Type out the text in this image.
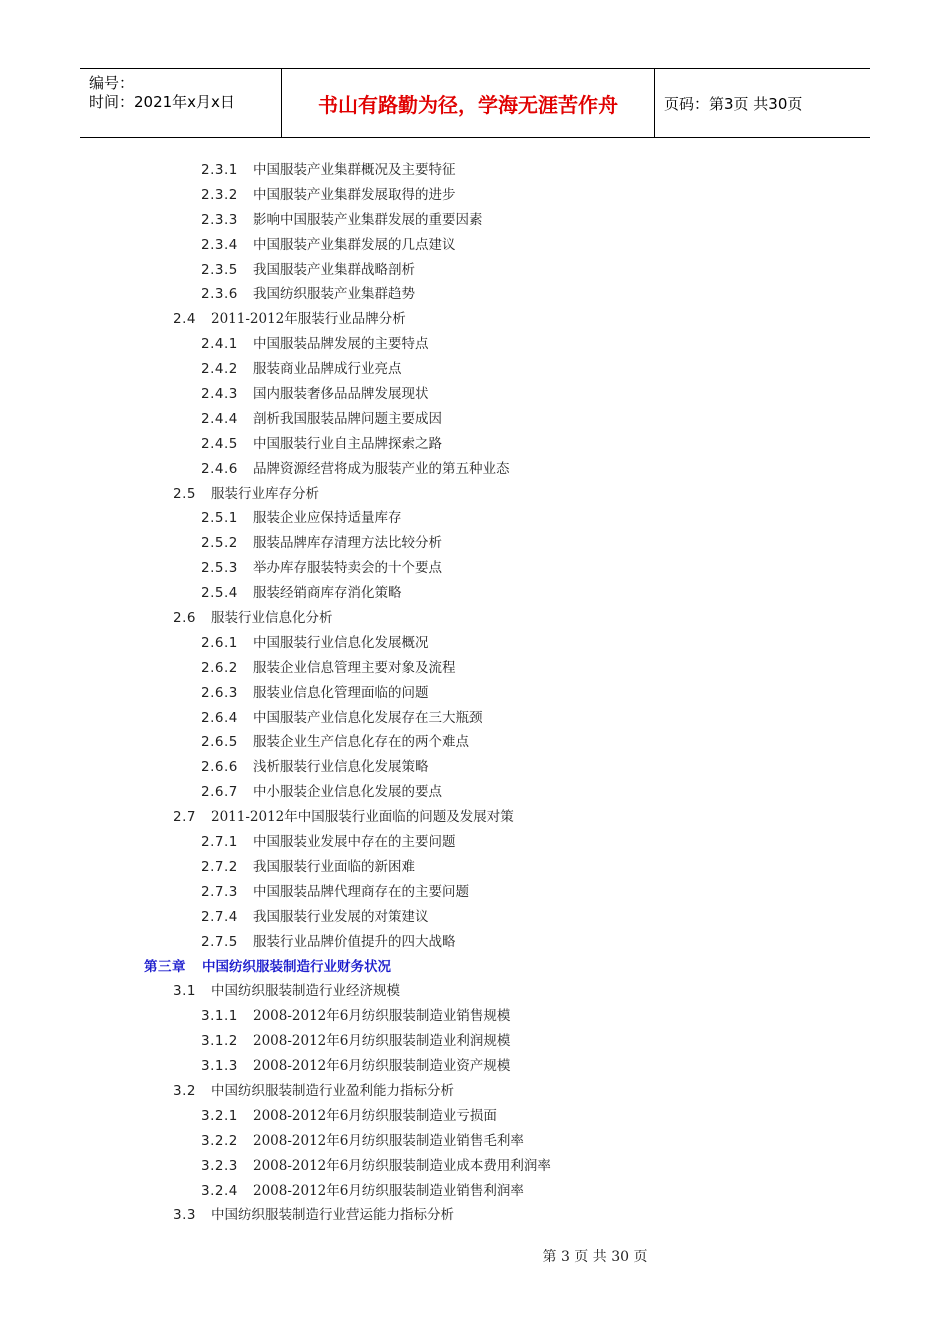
编号：
时间：2021年x月x日	书山有路勤为径，学海无涯苦作舟	页码：第3页 共30页
2.3.1 中国服装产业集群概况及主要特征
2.3.2 中国服装产业集群发展取得的进步
2.3.3 影响中国服装产业集群发展的重要因素
2.3.4 中国服装产业集群发展的几点建议
2.3.5 我国服装产业集群战略剖析
2.3.6 我国纺织服装产业集群趋势
2.4 2011-2012年服装行业品牌分析
2.4.1 中国服装品牌发展的主要特点
2.4.2 服装商业品牌成行业亮点
2.4.3 国内服装奢侈品品牌发展现状
2.4.4 剖析我国服装品牌问题主要成因
2.4.5 中国服装行业自主品牌探索之路
2.4.6 品牌资源经营将成为服装产业的第五种业态
2.5 服装行业库存分析
2.5.1 服装企业应保持适量库存
2.5.2 服装品牌库存清理方法比较分析
2.5.3 举办库存服装特卖会的十个要点
2.5.4 服装经销商库存消化策略
2.6 服装行业信息化分析
2.6.1 中国服装行业信息化发展概况
2.6.2 服装企业信息管理主要对象及流程
2.6.3 服装业信息化管理面临的问题
2.6.4 中国服装产业信息化发展存在三大瓶颈
2.6.5 服装企业生产信息化存在的两个难点
2.6.6 浅析服装行业信息化发展策略
2.6.7 中小服装企业信息化发展的要点
2.7 2011-2012年中国服装行业面临的问题及发展对策
2.7.1 中国服装业发展中存在的主要问题
2.7.2 我国服装行业面临的新困难
2.7.3 中国服装品牌代理商存在的主要问题
2.7.4 我国服装行业发展的对策建议
2.7.5 服装行业品牌价值提升的四大战略
第三章 中国纺织服装制造行业财务状况
3.1 中国纺织服装制造行业经济规模
3.1.1 2008-2012年6月纺织服装制造业销售规模
3.1.2 2008-2012年6月纺织服装制造业利润规模
3.1.3 2008-2012年6月纺织服装制造业资产规模
3.2 中国纺织服装制造行业盈利能力指标分析
3.2.1 2008-2012年6月纺织服装制造业亏损面
3.2.2 2008-2012年6月纺织服装制造业销售毛利率
3.2.3 2008-2012年6月纺织服装制造业成本费用利润率
3.2.4 2008-2012年6月纺织服装制造业销售利润率
3.3 中国纺织服装制造行业营运能力指标分析
第 3 页 共 30 页
